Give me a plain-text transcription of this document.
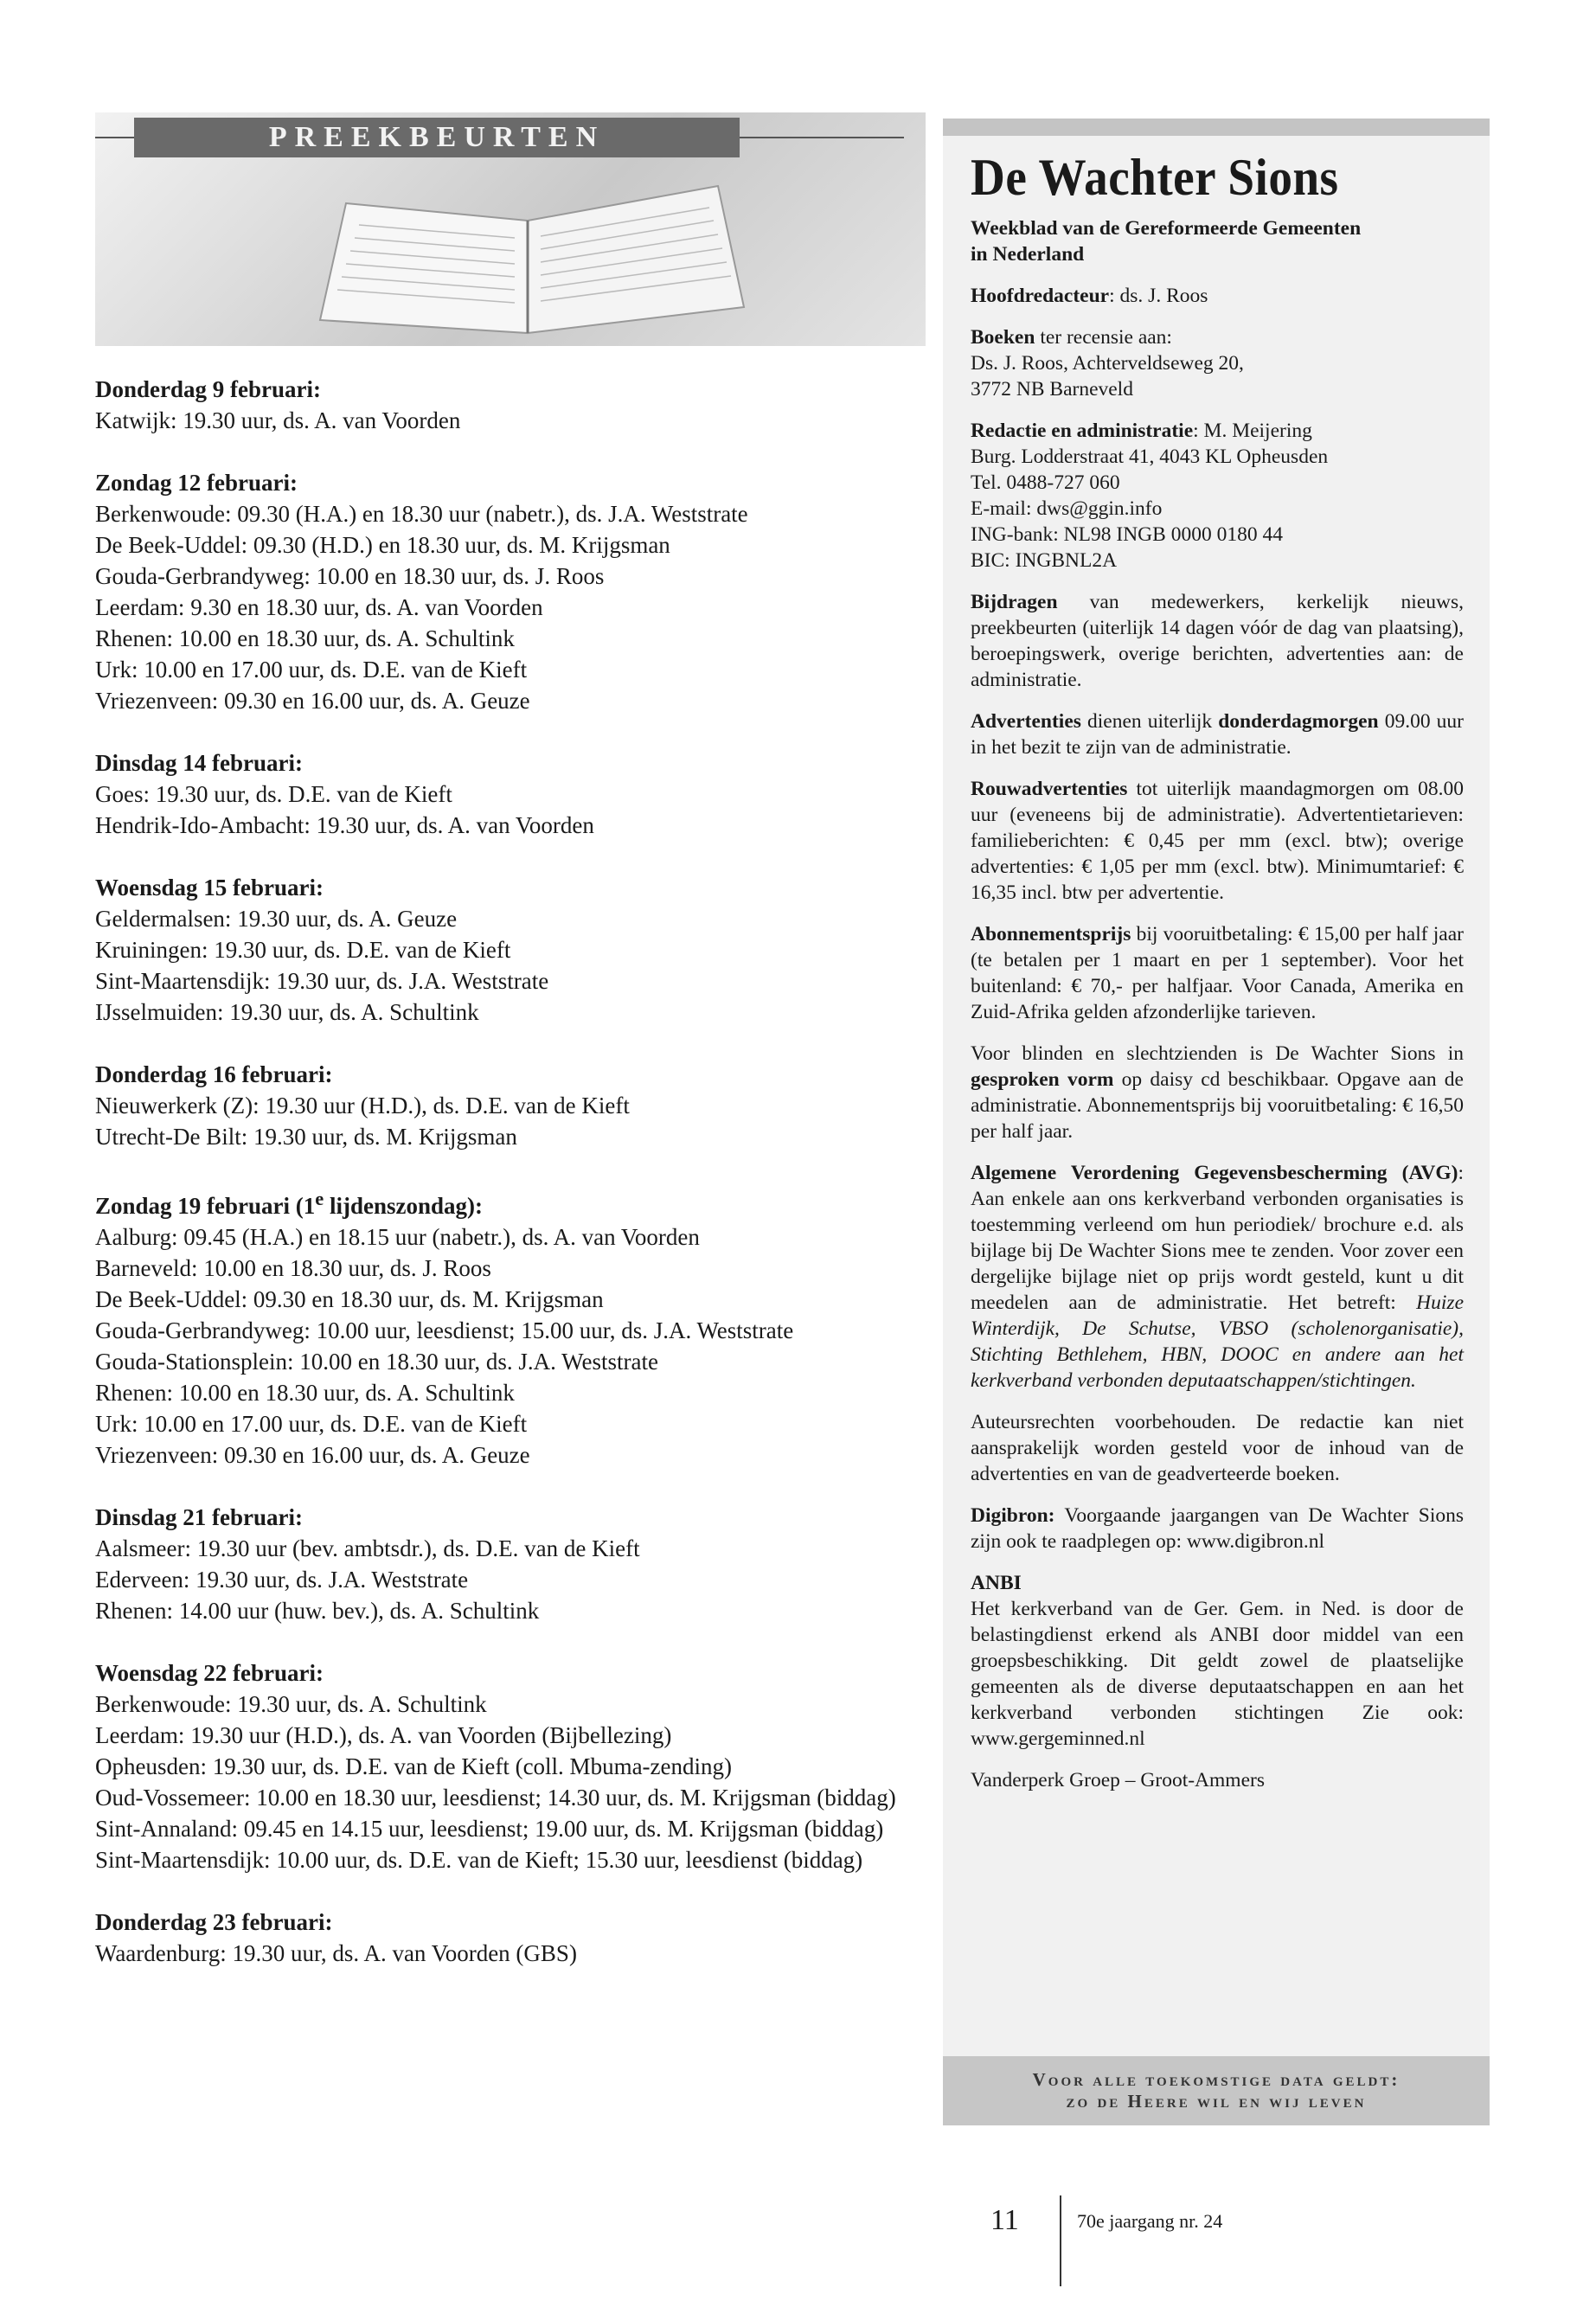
PREEKBEURTEN
Donderdag 9 februari:
Katwijk: 19.30 uur, ds. A. van Voorden
Zondag 12 februari:
Berkenwoude: 09.30 (H.A.) en 18.30 uur (nabetr.), ds. J.A. Weststrate
De Beek-Uddel: 09.30 (H.D.) en 18.30 uur, ds. M. Krijgsman
Gouda-Gerbrandyweg: 10.00 en 18.30 uur, ds. J. Roos
Leerdam: 9.30 en 18.30 uur, ds. A. van Voorden
Rhenen: 10.00 en 18.30 uur, ds. A. Schultink
Urk: 10.00 en 17.00 uur, ds. D.E. van de Kieft
Vriezenveen: 09.30 en 16.00 uur, ds. A. Geuze
Dinsdag 14 februari:
Goes: 19.30 uur, ds. D.E. van de Kieft
Hendrik-Ido-Ambacht: 19.30 uur, ds. A. van Voorden
Woensdag 15 februari:
Geldermalsen: 19.30 uur, ds. A. Geuze
Kruiningen: 19.30 uur, ds. D.E. van de Kieft
Sint-Maartensdijk: 19.30 uur, ds. J.A. Weststrate
IJsselmuiden: 19.30 uur, ds. A. Schultink
Donderdag 16 februari:
Nieuwerkerk (Z): 19.30 uur (H.D.), ds. D.E. van de Kieft
Utrecht-De Bilt: 19.30 uur, ds. M. Krijgsman
Zondag 19 februari (1e lijdenszondag):
Aalburg: 09.45 (H.A.) en 18.15 uur (nabetr.), ds. A. van Voorden
Barneveld: 10.00 en 18.30 uur, ds. J. Roos
De Beek-Uddel: 09.30 en 18.30 uur, ds. M. Krijgsman
Gouda-Gerbrandyweg: 10.00 uur, leesdienst; 15.00 uur, ds. J.A. Weststrate
Gouda-Stationsplein: 10.00 en 18.30 uur, ds. J.A. Weststrate
Rhenen: 10.00 en 18.30 uur, ds. A. Schultink
Urk: 10.00 en 17.00 uur, ds. D.E. van de Kieft
Vriezenveen: 09.30 en 16.00 uur, ds. A. Geuze
Dinsdag 21 februari:
Aalsmeer: 19.30 uur (bev. ambtsdr.), ds. D.E. van de Kieft
Ederveen: 19.30 uur, ds. J.A. Weststrate
Rhenen: 14.00 uur (huw. bev.), ds. A. Schultink
Woensdag 22 februari:
Berkenwoude: 19.30 uur, ds. A. Schultink
Leerdam: 19.30 uur (H.D.), ds. A. van Voorden (Bijbellezing)
Opheusden: 19.30 uur, ds. D.E. van de Kieft (coll. Mbuma-zending)
Oud-Vossemeer: 10.00 en 18.30 uur, leesdienst; 14.30 uur, ds. M. Krijgsman (biddag)
Sint-Annaland: 09.45 en 14.15 uur, leesdienst; 19.00 uur, ds. M. Krijgsman (biddag)
Sint-Maartensdijk: 10.00 uur, ds. D.E. van de Kieft; 15.30 uur, leesdienst (biddag)
Donderdag 23 februari:
Waardenburg: 19.30 uur, ds. A. van Voorden (GBS)
De Wachter Sions
Weekblad van de Gereformeerde Gemeenten
in Nederland

Hoofdredacteur: ds. J. Roos

Boeken ter recensie aan:
Ds. J. Roos, Achterveldseweg 20,
3772 NB Barneveld

Redactie en administratie: M. Meijering
Burg. Lodderstraat 41, 4043 KL Opheusden
Tel. 0488-727 060
E-mail: dws@ggin.info
ING-bank: NL98 INGB 0000 0180 44
BIC: INGBNL2A

Bijdragen van medewerkers, kerkelijk nieuws, preekbeurten (uiterlijk 14 dagen vóór de dag van plaatsing), beroepingswerk, overige berichten, advertenties aan: de administratie.

Advertenties dienen uiterlijk donderdagmorgen 09.00 uur in het bezit te zijn van de administratie.

Rouwadvertenties tot uiterlijk maandagmorgen om 08.00 uur (eveneens bij de administratie). Advertentietarieven: familieberichten: € 0,45 per mm (excl. btw); overige advertenties: € 1,05 per mm (excl. btw). Minimumtarief: € 16,35 incl. btw per advertentie.

Abonnementsprijs bij vooruitbetaling: € 15,00 per half jaar (te betalen per 1 maart en per 1 september). Voor het buitenland: € 70,- per halfjaar. Voor Canada, Amerika en Zuid-Afrika gelden afzonderlijke tarieven.

Voor blinden en slechtzienden is De Wachter Sions in gesproken vorm op daisy cd beschikbaar. Opgave aan de administratie. Abonnementsprijs bij vooruitbetaling: € 16,50 per half jaar.

Algemene Verordening Gegevensbescherming (AVG): Aan enkele aan ons kerkverband verbonden organisaties is toestemming verleend om hun periodiek/ brochure e.d. als bijlage bij De Wachter Sions mee te zenden. Voor zover een dergelijke bijlage niet op prijs wordt gesteld, kunt u dit meedelen aan de administratie. Het betreft: Huize Winterdijk, De Schutse, VBSO (scholenorganisatie), Stichting Bethlehem, HBN, DOOC en andere aan het kerkverband verbonden deputaatschappen/stichtingen.

Auteursrechten voorbehouden. De redactie kan niet aansprakelijk worden gesteld voor de inhoud van de advertenties en van de geadverteerde boeken.

Digibron: Voorgaande jaargangen van De Wachter Sions zijn ook te raadplegen op: www.digibron.nl

ANBI
Het kerkverband van de Ger. Gem. in Ned. is door de belastingdienst erkend als ANBI door middel van een groepsbeschikking. Dit geldt zowel de plaatselijke gemeenten als de diverse deputaatschappen en aan het kerkverband verbonden stichtingen Zie ook: www.gergeminned.nl

Vanderperk Groep – Groot-Ammers

Voor alle toekomstige data geldt:
zo de Heere wil en wij leven
11	70e jaargang nr. 24
